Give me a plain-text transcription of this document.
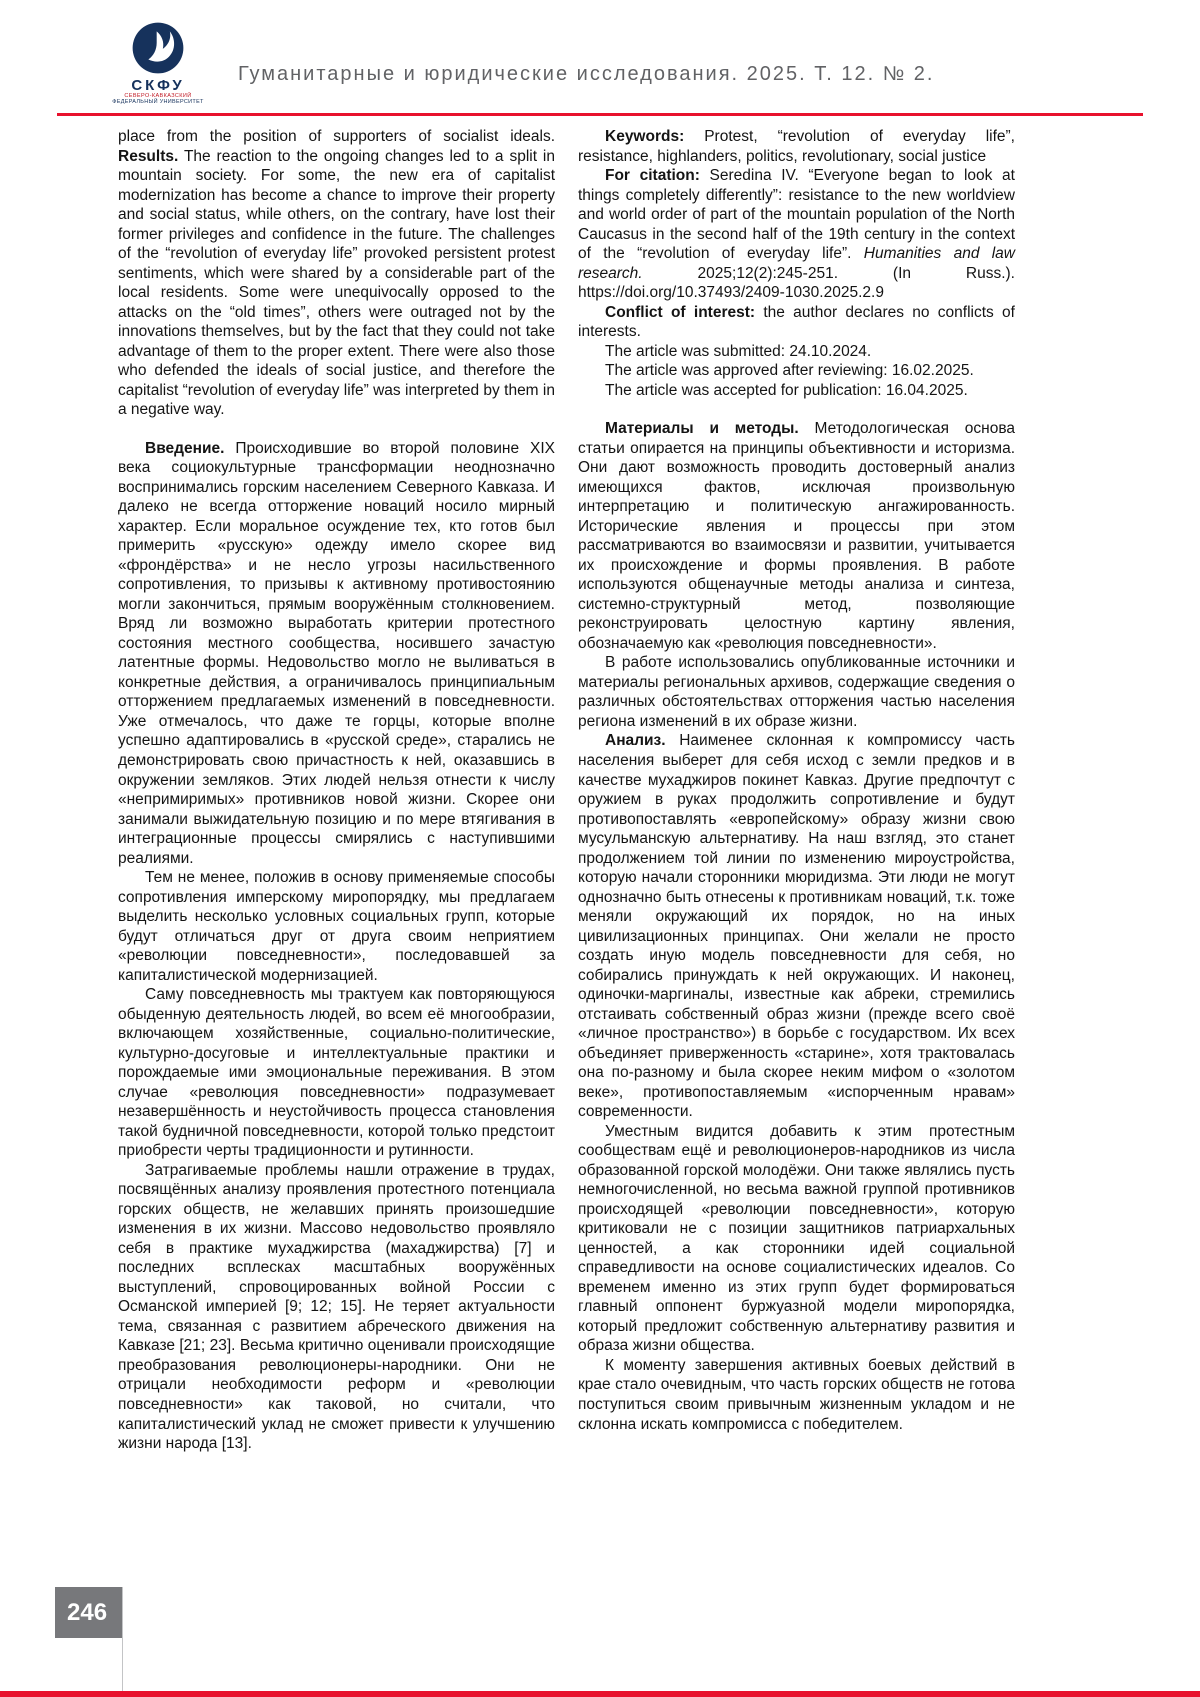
СКФУ
СЕВЕРО-КАВКАЗСКИЙ
ФЕДЕРАЛЬНЫЙ УНИВЕРСИТЕТ
Гуманитарные и юридические исследования. 2025. Т. 12. № 2.

place from the position of supporters of socialist ideals. Results. The reaction to the ongoing changes led to a split in mountain society. For some, the new era of capitalist modernization has become a chance to improve their property and social status, while others, on the contrary, have lost their former privileges and confidence in the future. The challenges of the “revolution of everyday life” provoked persistent protest sentiments, which were shared by a considerable part of the local residents. Some were unequivocally opposed to the attacks on the “old times”, others were outraged not by the innovations themselves, but by the fact that they could not take advantage of them to the proper extent. There were also those who defended the ideals of social justice, and therefore the capitalist “revolution of everyday life” was interpreted by them in a negative way.

Введение. Происходившие во второй половине XIX века социокультурные трансформации неоднозначно воспринимались горским населением Северного Кавказа. И далеко не всегда отторжение новаций носило мирный характер. Если моральное осуждение тех, кто готов был примерить «русскую» одежду имело скорее вид «фрондёрства» и не несло угрозы насильственного сопротивления, то призывы к активному противостоянию могли закончиться, прямым вооружённым столкновением. Вряд ли возможно выработать критерии протестного состояния местного сообщества, носившего зачастую латентные формы. Недовольство могло не выливаться в конкретные действия, а ограничивалось принципиальным отторжением предлагаемых изменений в повседневности. Уже отмечалось, что даже те горцы, которые вполне успешно адаптировались в «русской среде», старались не демонстрировать свою причастность к ней, оказавшись в окружении земляков. Этих людей нельзя отнести к числу «непримиримых» противников новой жизни. Скорее они занимали выжидательную позицию и по мере втягивания в интеграционные процессы смирялись с наступившими реалиями.

Тем не менее, положив в основу применяемые способы сопротивления имперскому миропорядку, мы предлагаем выделить несколько условных социальных групп, которые будут отличаться друг от друга своим неприятием «революции повседневности», последовавшей за капиталистической модернизацией.

Саму повседневность мы трактуем как повторяющуюся обыденную деятельность людей, во всем её многообразии, включающем хозяйственные, социально-политические, культурно-досуговые и интеллектуальные практики и порождаемые ими эмоциональные переживания. В этом случае «революция повседневности» подразумевает незавершённость и неустойчивость процесса становления такой будничной повседневности, которой только предстоит приобрести черты традиционности и рутинности.

Затрагиваемые проблемы нашли отражение в трудах, посвящённых анализу проявления протестного потенциала горских обществ, не желавших принять произошедшие изменения в их жизни. Массово недовольство проявляло себя в практике мухаджирства (махаджирства) [7] и последних всплесках масштабных вооружённых выступлений, спровоцированных войной России с Османской империей [9; 12; 15]. Не теряет актуальности тема, связанная с развитием абреческого движения на Кавказе [21; 23]. Весьма критично оценивали происходящие преобразования революционеры-народники. Они не отрицали необходимости реформ и «революции повседневности» как таковой, но считали, что капиталистический уклад не сможет привести к улучшению жизни народа [13].

Keywords: Protest, “revolution of everyday life”, resistance, highlanders, politics, revolutionary, social justice

For citation: Seredina IV. “Everyone began to look at things completely differently”: resistance to the new worldview and world order of part of the mountain population of the North Caucasus in the second half of the 19th century in the context of the “revolution of everyday life”. Humanities and law research. 2025;12(2):245-251. (In Russ.). https://doi.org/10.37493/2409-1030.2025.2.9

Conflict of interest: the author declares no conflicts of interests.

The article was submitted: 24.10.2024.

The article was approved after reviewing: 16.02.2025.

The article was accepted for publication: 16.04.2025.

Материалы и методы. Методологическая основа статьи опирается на принципы объективности и историзма. Они дают возможность проводить достоверный анализ имеющихся фактов, исключая произвольную интерпретацию и политическую ангажированность. Исторические явления и процессы при этом рассматриваются во взаимосвязи и развитии, учитывается их происхождение и формы проявления. В работе используются общенаучные методы анализа и синтеза, системно-структурный метод, позволяющие реконструировать целостную картину явления, обозначаемую как «революция повседневности».

В работе использовались опубликованные источники и материалы региональных архивов, содержащие сведения о различных обстоятельствах отторжения частью населения региона изменений в их образе жизни.

Анализ. Наименее склонная к компромиссу часть населения выберет для себя исход с земли предков и в качестве мухаджиров покинет Кавказ. Другие предпочтут с оружием в руках продолжить сопротивление и будут противопоставлять «европейскому» образу жизни свою мусульманскую альтернативу. На наш взгляд, это станет продолжением той линии по изменению мироустройства, которую начали сторонники мюридизма. Эти люди не могут однозначно быть отнесены к противникам новаций, т.к. тоже меняли окружающий их порядок, но на иных цивилизационных принципах. Они желали не просто создать иную модель повседневности для себя, но собирались принуждать к ней окружающих. И наконец, одиночки-маргиналы, известные как абреки, стремились отстаивать собственный образ жизни (прежде всего своё «личное пространство») в борьбе с государством. Их всех объединяет приверженность «старине», хотя трактовалась она по-разному и была скорее неким мифом о «золотом веке», противопоставляемым «испорченным нравам» современности.

Уместным видится добавить к этим протестным сообществам ещё и революционеров-народников из числа образованной горской молодёжи. Они также являлись пусть немногочисленной, но весьма важной группой противников происходящей «революции повседневности», которую критиковали не с позиции защитников патриархальных ценностей, а как сторонники идей социальной справедливости на основе социалистических идеалов. Со временем именно из этих групп будет формироваться главный оппонент буржуазной модели миропорядка, который предложит собственную альтернативу развития и образа жизни общества.

К моменту завершения активных боевых действий в крае стало очевидным, что часть горских обществ не готова поступиться своим привычным жизненным укладом и не склонна искать компромисса с победителем.

246
